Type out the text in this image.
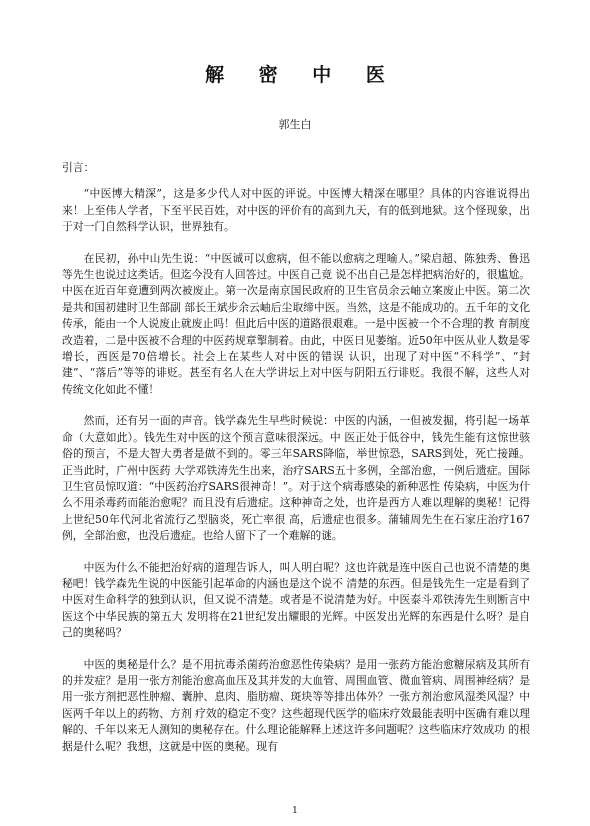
解 密 中 医
郭生白

引言：

“中医博大精深”，这是多少代人对中医的评说。中医博大精深在哪里？具体的内容谁说得出来！上至伟人学者，下至平民百姓，对中医的评价有的高到九天，有的低到地狱。这个怪现象，出于对一门自然科学认识，世界独有。

在民初，孙中山先生说：“中医诚可以愈病，但不能以愈病之理喻人。”梁启超、陈独秀、鲁迅等先生也说过这类话。但迄今没有人回答过。中医自己竟 说不出自己是怎样把病治好的，很尴尬。中医在近百年竟遭到两次被废止。第一次是南京国民政府的卫生官员余云岫立案废止中医。第二次是共和国初建时卫生部副 部长王斌步余云岫后尘取缔中医。当然，这是不能成功的。五千年的文化传承，能由一个人说废止就废止吗！但此后中医的道路很艰难。一是中医被一个不合理的教 育制度改造着，二是中医被不合理的中医药规章掣制着。由此，中医日见萎缩。近50年中医从业人数是零增长，西医是70倍增长。社会上在某些人对中医的错误 认识，出现了对中医“不科学”、“封建”、“落后”等等的诽贬。甚至有名人在大学讲坛上对中医与阴阳五行诽贬。我很不解，这些人对传统文化如此不懂！

然而，还有另一面的声音。钱学森先生早些时候说：中医的内涵，一但被发掘，将引起一场革命（大意如此）。钱先生对中医的这个预言意味很深远。中 医正处于低谷中，钱先生能有这惊世骇俗的预言，不是大智大勇者是做不到的。零三年SARS降临，举世惊恐，SARS到处，死亡接踵。正当此时，广州中医药 大学邓铁涛先生出来，治疗SARS五十多例，全部治愈，一例后遗症。国际卫生官员惊叹道：“中医药治疗SARS很神奇！”。对于这个病毒感染的新种恶性 传染病，中医为什么不用杀毒药而能治愈呢？而且没有后遗症。这种神奇之处，也许是西方人难以理解的奥秘！记得上世纪50年代河北省流行乙型脑炎，死亡率很 高，后遗症也很多。蒲辅周先生在石家庄治疗167例，全部治愈，也没后遗症。也给人留下了一个难解的谜。

中医为什么不能把治好病的道理告诉人，叫人明白呢？这也许就是连中医自己也说不清楚的奥秘吧！钱学森先生说的中医能引起革命的内涵也是这个说不 清楚的东西。但是钱先生一定是看到了中医对生命科学的独到认识，但又说不清楚。或者是不说清楚为好。中医泰斗邓铁涛先生则断言中医这个中华民族的第五大 发明将在21世纪发出耀眼的光辉。中医发出光辉的东西是什么呀？是自己的奥秘吗？

中医的奥秘是什么？是不用抗毒杀菌药治愈恶性传染病？是用一张药方能治愈糖尿病及其所有的并发症？是用一张方剂能治愈高血压及其并发的大血管、周围血管、微血管病、周围神经病？是用一张方剂把恶性肿瘤、囊肿、息肉、脂肪瘤、斑块等等排出体外？一张方剂治愈风湿类风湿？中医两千年以上的药物、方剂 疗效的稳定不变？这些超现代医学的临床疗效最能表明中医确有难以理解的、千年以来无人测知的奥秘存在。什么理论能解释上述这许多问题呢？这些临床疗效成功 的根据是什么呢？我想，这就是中医的奥秘。现有

1
